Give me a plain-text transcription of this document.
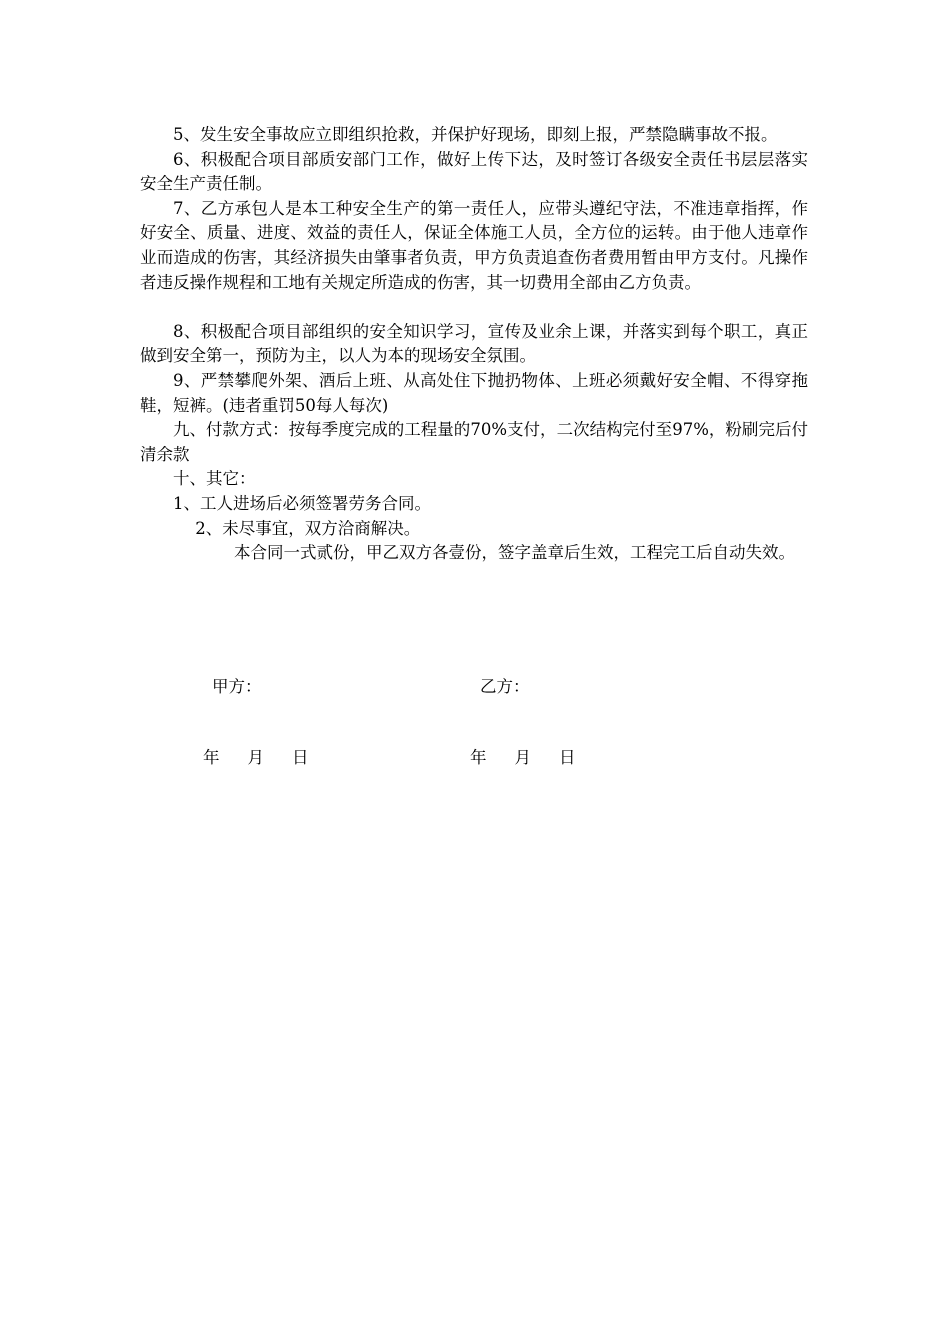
5、发生安全事故应立即组织抢救，并保护好现场，即刻上报，严禁隐瞒事故不报。

6、积极配合项目部质安部门工作，做好上传下达，及时签订各级安全责任书层层落实安全生产责任制。

7、乙方承包人是本工种安全生产的第一责任人，应带头遵纪守法，不准违章指挥，作好安全、质量、进度、效益的责任人，保证全体施工人员，全方位的运转。由于他人违章作业而造成的伤害，其经济损失由肇事者负责，甲方负责追查伤者费用暂由甲方支付。凡操作者违反操作规程和工地有关规定所造成的伤害，其一切费用全部由乙方负责。

8、积极配合项目部组织的安全知识学习，宣传及业余上课，并落实到每个职工，真正做到安全第一，预防为主，以人为本的现场安全氛围。

9、严禁攀爬外架、酒后上班、从高处住下抛扔物体、上班必须戴好安全帽、不得穿拖鞋，短裤。(违者重罚50每人每次)

九、付款方式：按每季度完成的工程量的70%支付，二次结构完付至97%，粉刷完后付清余款

十、其它：

1、工人进场后必须签署劳务合同。

2、未尽事宜，双方洽商解决。

本合同一式贰份，甲乙双方各壹份，签字盖章后生效，工程完工后自动失效。

甲方：	乙方：
年 月 日	年 月 日
